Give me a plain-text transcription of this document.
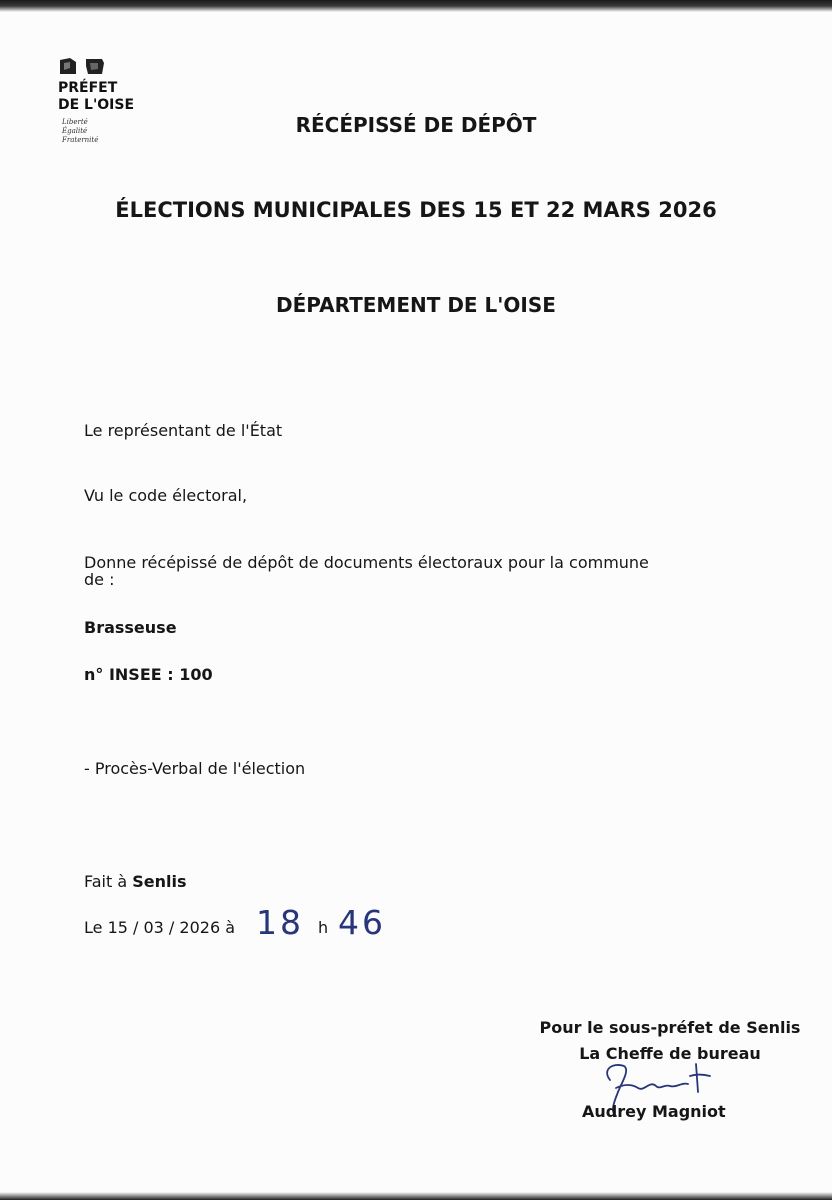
PRÉFET
DE L'OISE
Liberté
Égalité
Fraternité
RÉCÉPISSÉ DE DÉPÔT
ÉLECTIONS MUNICIPALES DES 15 ET 22 MARS 2026
DÉPARTEMENT DE L'OISE
Le représentant de l'État
Vu le code électoral,
Donne récépissé de dépôt de documents électoraux pour la commune
de :
Brasseuse
n° INSEE : 100
- Procès-Verbal de l'élection
Fait à Senlis
Le 15 / 03 / 2026 à 18 h 46
Pour le sous-préfet de Senlis
La Cheffe de bureau
Audrey Magniot
